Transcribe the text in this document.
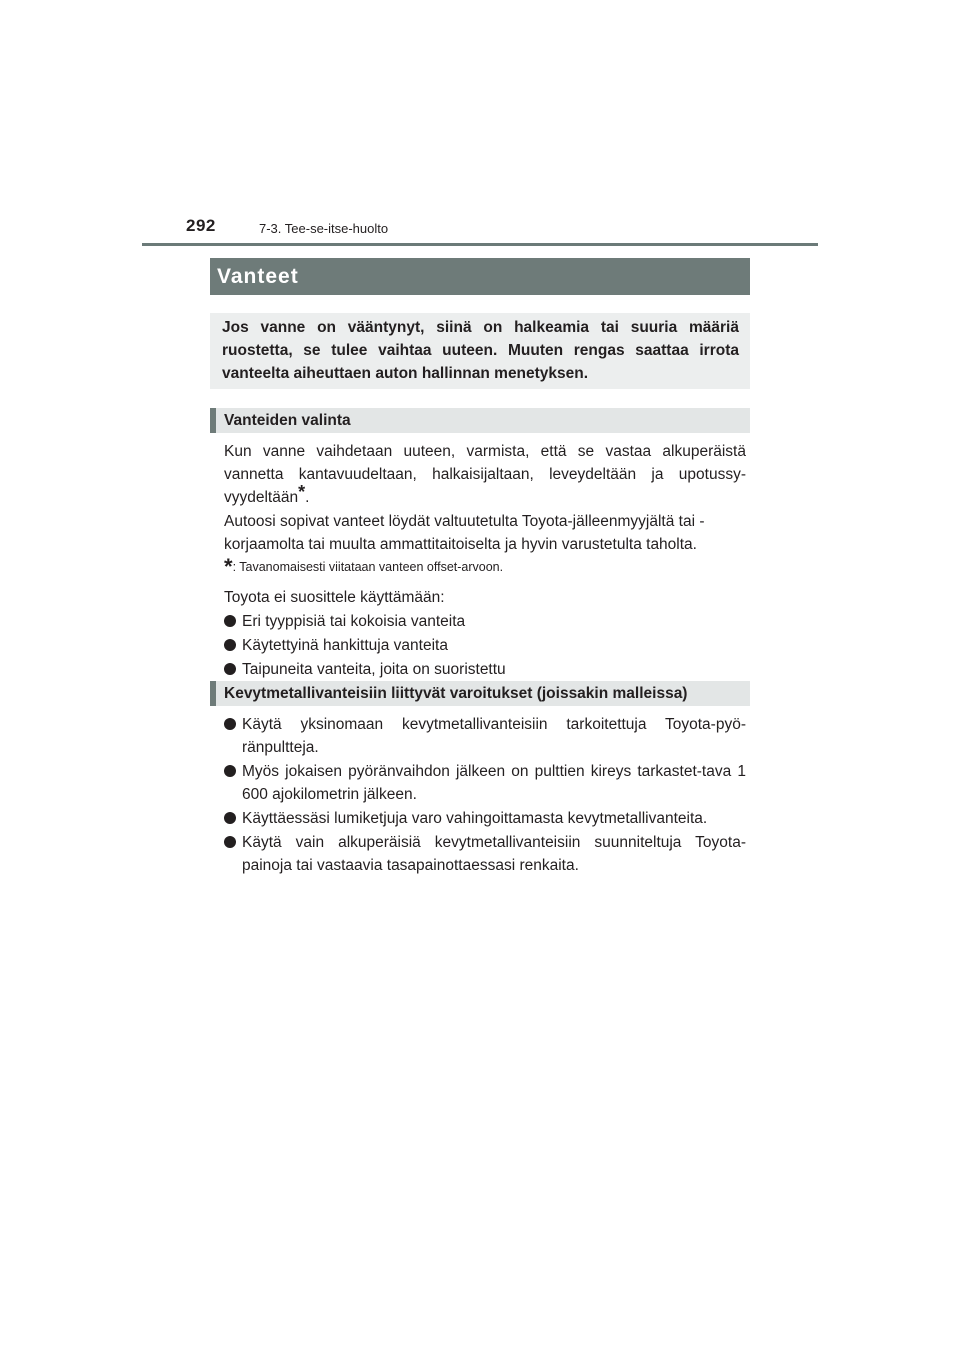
292	7-3. Tee-se-itse-huolto
Vanteet
Jos vanne on vääntynyt, siinä on halkeamia tai suuria määriä ruostetta, se tulee vaihtaa uuteen. Muuten rengas saattaa irrota vanteelta aiheuttaen auton hallinnan menetyksen.
Vanteiden valinta

Kun vanne vaihdetaan uuteen, varmista, että se vastaa alkuperäistä vannetta kantavuudeltaan, halkaisijaltaan, leveydeltään ja upotussy-vyydeltään*.

Autoosi sopivat vanteet löydät valtuutetulta Toyota-jälleenmyyjältä tai -korjaamolta tai muulta ammattitaitoiselta ja hyvin varustetulta taholta.

*: Tavanomaisesti viitataan vanteen offset-arvoon.

Toyota ei suosittele käyttämään:

Eri tyyppisiä tai kokoisia vanteita
Käytettyinä hankittuja vanteita
Taipuneita vanteita, joita on suoristettu
Kevytmetallivanteisiin liittyvät varoitukset (joissakin malleissa)
Käytä yksinomaan kevytmetallivanteisiin tarkoitettuja Toyota-pyö-ränpultteja.
Myös jokaisen pyöränvaihdon jälkeen on pulttien kireys tarkastet-tava 1 600 ajokilometrin jälkeen.
Käyttäessäsi lumiketjuja varo vahingoittamasta kevytmetallivanteita.
Käytä vain alkuperäisiä kevytmetallivanteisiin suunniteltuja Toyota-painoja tai vastaavia tasapainottaessasi renkaita.
